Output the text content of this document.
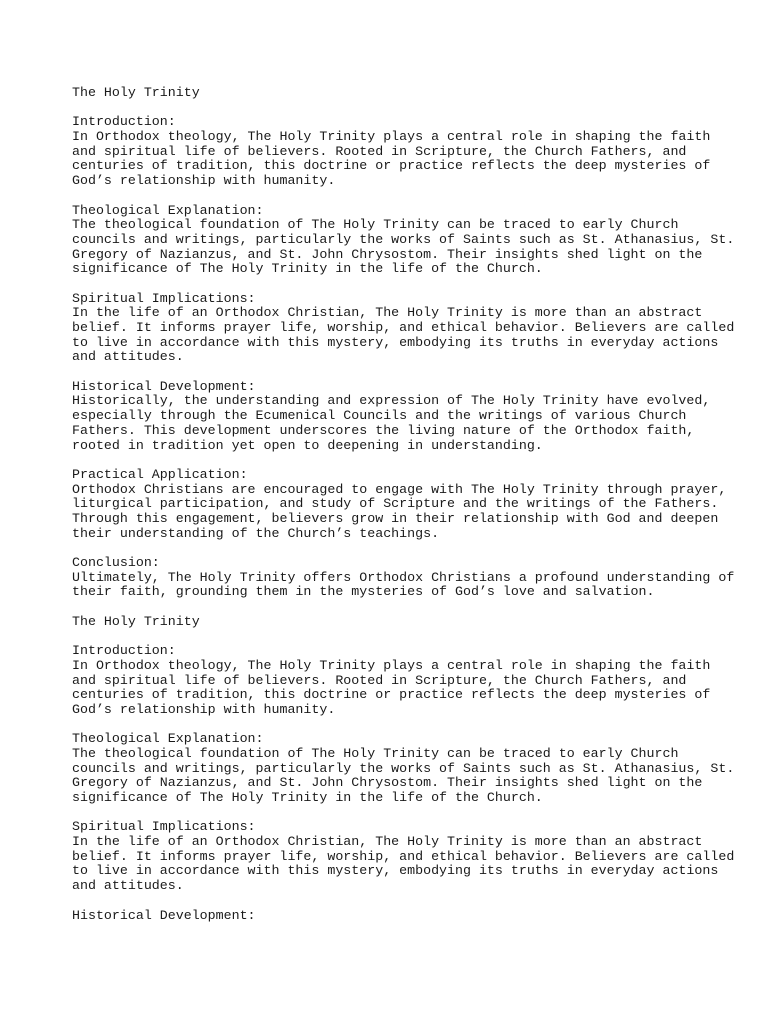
The Holy Trinity
Introduction:
In Orthodox theology, The Holy Trinity plays a central role in shaping the faith
and spiritual life of believers. Rooted in Scripture, the Church Fathers, and
centuries of tradition, this doctrine or practice reflects the deep mysteries of
God’s relationship with humanity.
Theological Explanation:
The theological foundation of The Holy Trinity can be traced to early Church
councils and writings, particularly the works of Saints such as St. Athanasius, St.
Gregory of Nazianzus, and St. John Chrysostom. Their insights shed light on the
significance of The Holy Trinity in the life of the Church.
Spiritual Implications:
In the life of an Orthodox Christian, The Holy Trinity is more than an abstract
belief. It informs prayer life, worship, and ethical behavior. Believers are called
to live in accordance with this mystery, embodying its truths in everyday actions
and attitudes.
Historical Development:
Historically, the understanding and expression of The Holy Trinity have evolved,
especially through the Ecumenical Councils and the writings of various Church
Fathers. This development underscores the living nature of the Orthodox faith,
rooted in tradition yet open to deepening in understanding.
Practical Application:
Orthodox Christians are encouraged to engage with The Holy Trinity through prayer,
liturgical participation, and study of Scripture and the writings of the Fathers.
Through this engagement, believers grow in their relationship with God and deepen
their understanding of the Church’s teachings.
Conclusion:
Ultimately, The Holy Trinity offers Orthodox Christians a profound understanding of
their faith, grounding them in the mysteries of God’s love and salvation.
The Holy Trinity
Introduction:
In Orthodox theology, The Holy Trinity plays a central role in shaping the faith
and spiritual life of believers. Rooted in Scripture, the Church Fathers, and
centuries of tradition, this doctrine or practice reflects the deep mysteries of
God’s relationship with humanity.
Theological Explanation:
The theological foundation of The Holy Trinity can be traced to early Church
councils and writings, particularly the works of Saints such as St. Athanasius, St.
Gregory of Nazianzus, and St. John Chrysostom. Their insights shed light on the
significance of The Holy Trinity in the life of the Church.
Spiritual Implications:
In the life of an Orthodox Christian, The Holy Trinity is more than an abstract
belief. It informs prayer life, worship, and ethical behavior. Believers are called
to live in accordance with this mystery, embodying its truths in everyday actions
and attitudes.
Historical Development:
